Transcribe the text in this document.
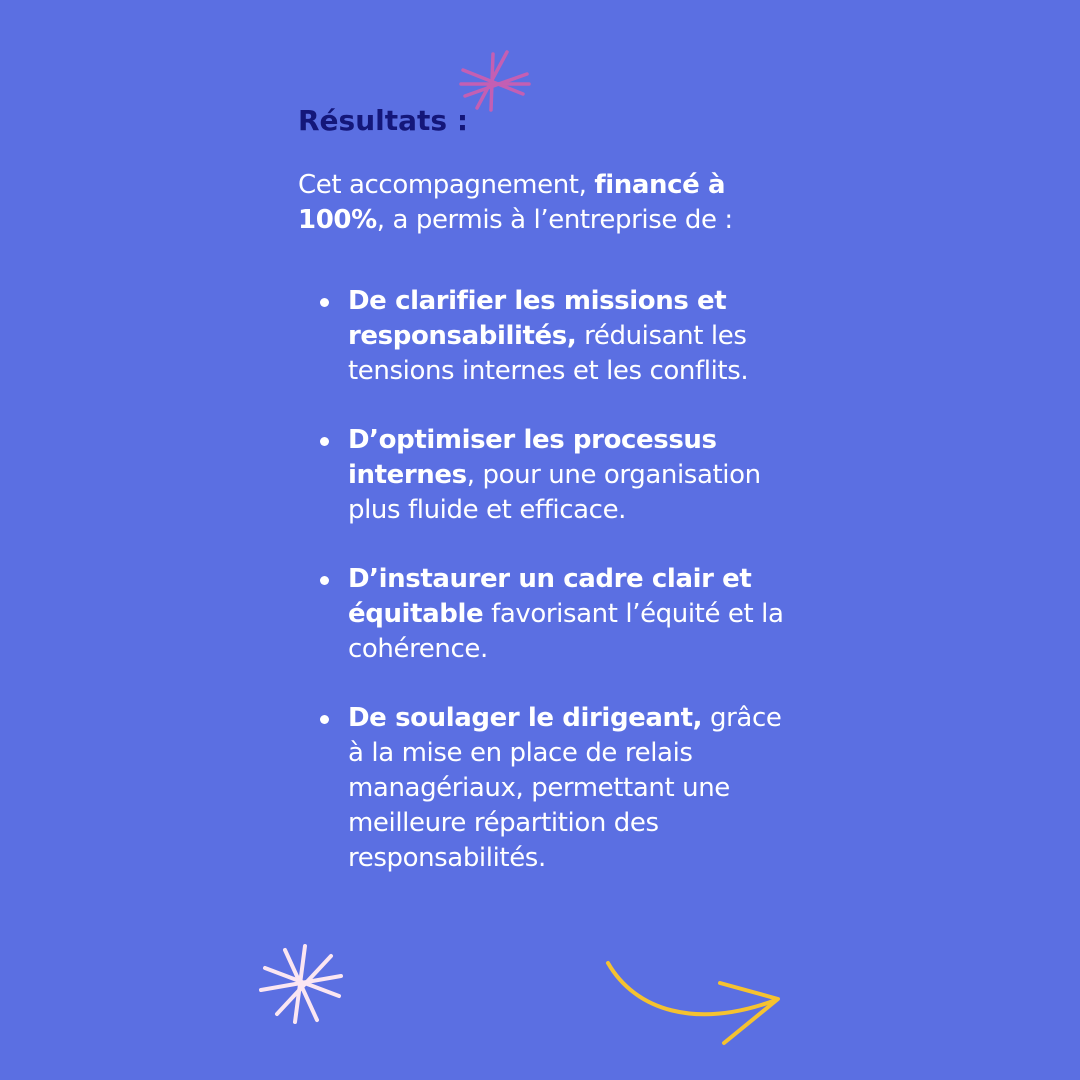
Résultats :

Cet accompagnement, financé à 100%, a permis à l’entreprise de :

De clarifier les missions et responsabilités, réduisant les tensions internes et les conflits.
D’optimiser les processus internes, pour une organisation plus fluide et efficace.
D’instaurer un cadre clair et équitable favorisant l’équité et la cohérence.
De soulager le dirigeant, grâce à la mise en place de relais managériaux, permettant une meilleure répartition des responsabilités.
